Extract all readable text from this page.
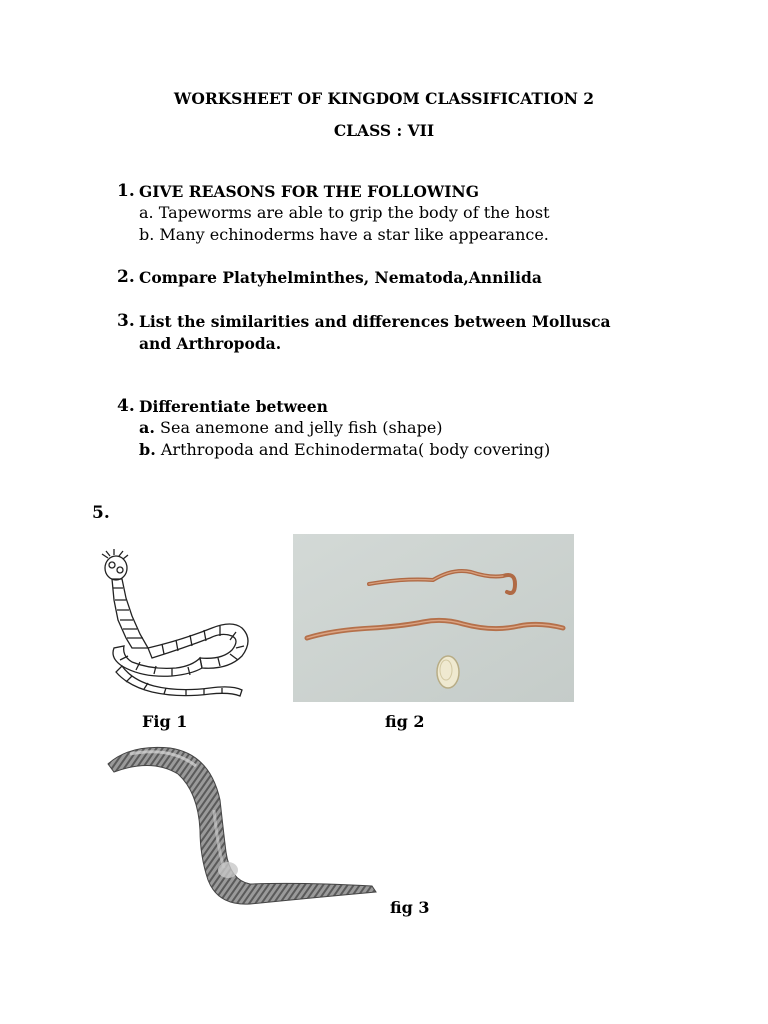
WORKSHEET OF KINGDOM CLASSIFICATION 2
CLASS : VII
1. GIVE REASONS FOR THE FOLLOWING
a. Tapeworms are able to grip the body of the host
b. Many echinoderms have a star like appearance.
2. Compare Platyhelminthes, Nematoda,Annilida
3. List the similarities and differences between Mollusca
and Arthropoda.
4. Differentiate between
a. Sea anemone and jelly fish (shape)
b. Arthropoda and Echinodermata( body covering)
5.
Fig 1	fig 2
fig 3
